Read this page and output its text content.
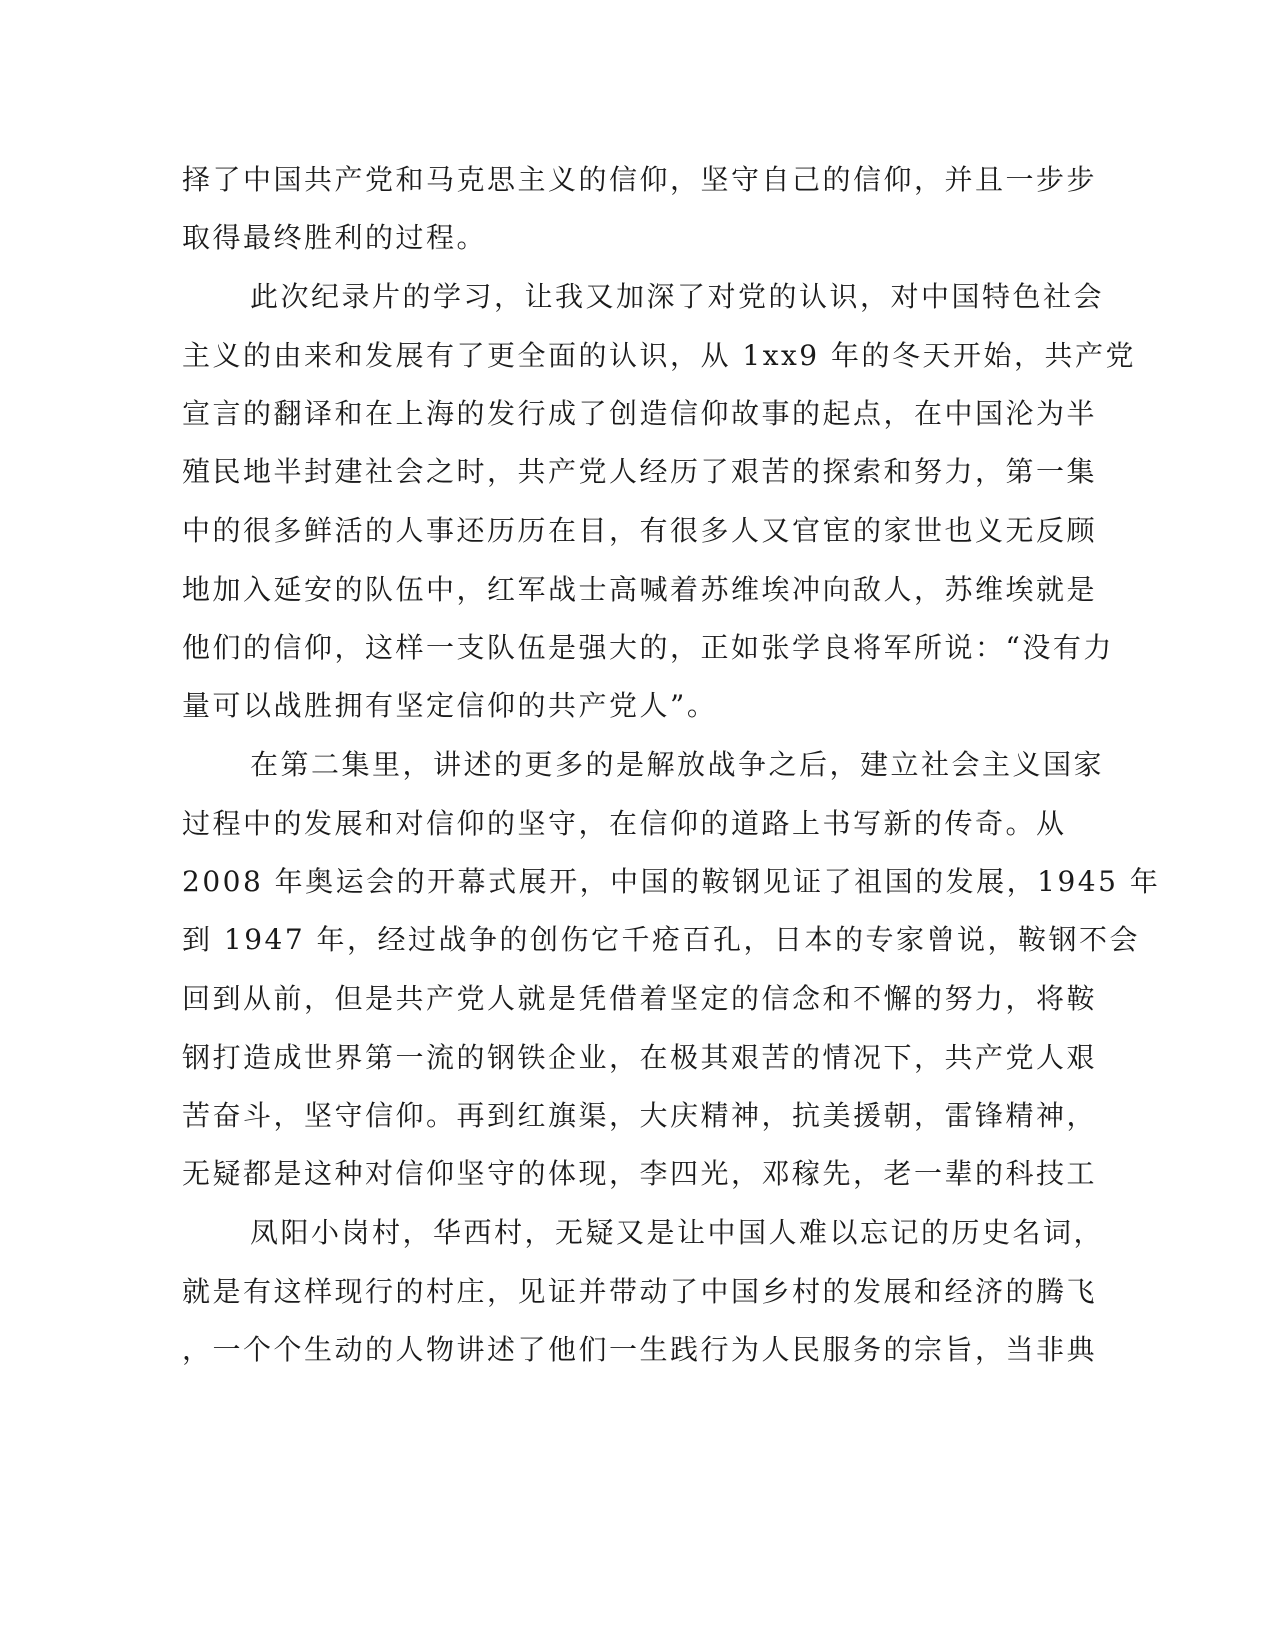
择了中国共产党和马克思主义的信仰，坚守自己的信仰，并且一步步
取得最终胜利的过程。
此次纪录片的学习，让我又加深了对党的认识，对中国特色社会
主义的由来和发展有了更全面的认识，从 1xx9 年的冬天开始，共产党
宣言的翻译和在上海的发行成了创造信仰故事的起点，在中国沦为半
殖民地半封建社会之时，共产党人经历了艰苦的探索和努力，第一集
中的很多鲜活的人事还历历在目，有很多人又官宦的家世也义无反顾
地加入延安的队伍中，红军战士高喊着苏维埃冲向敌人，苏维埃就是
他们的信仰，这样一支队伍是强大的，正如张学良将军所说：“没有力
量可以战胜拥有坚定信仰的共产党人”。
在第二集里，讲述的更多的是解放战争之后，建立社会主义国家
过程中的发展和对信仰的坚守，在信仰的道路上书写新的传奇。从
2008 年奥运会的开幕式展开，中国的鞍钢见证了祖国的发展，1945 年
到 1947 年，经过战争的创伤它千疮百孔，日本的专家曾说，鞍钢不会
回到从前，但是共产党人就是凭借着坚定的信念和不懈的努力，将鞍
钢打造成世界第一流的钢铁企业，在极其艰苦的情况下，共产党人艰
苦奋斗，坚守信仰。再到红旗渠，大庆精神，抗美援朝，雷锋精神，
无疑都是这种对信仰坚守的体现，李四光，邓稼先，老一辈的科技工
凤阳小岗村，华西村，无疑又是让中国人难以忘记的历史名词，
就是有这样现行的村庄，见证并带动了中国乡村的发展和经济的腾飞
，一个个生动的人物讲述了他们一生践行为人民服务的宗旨，当非典
